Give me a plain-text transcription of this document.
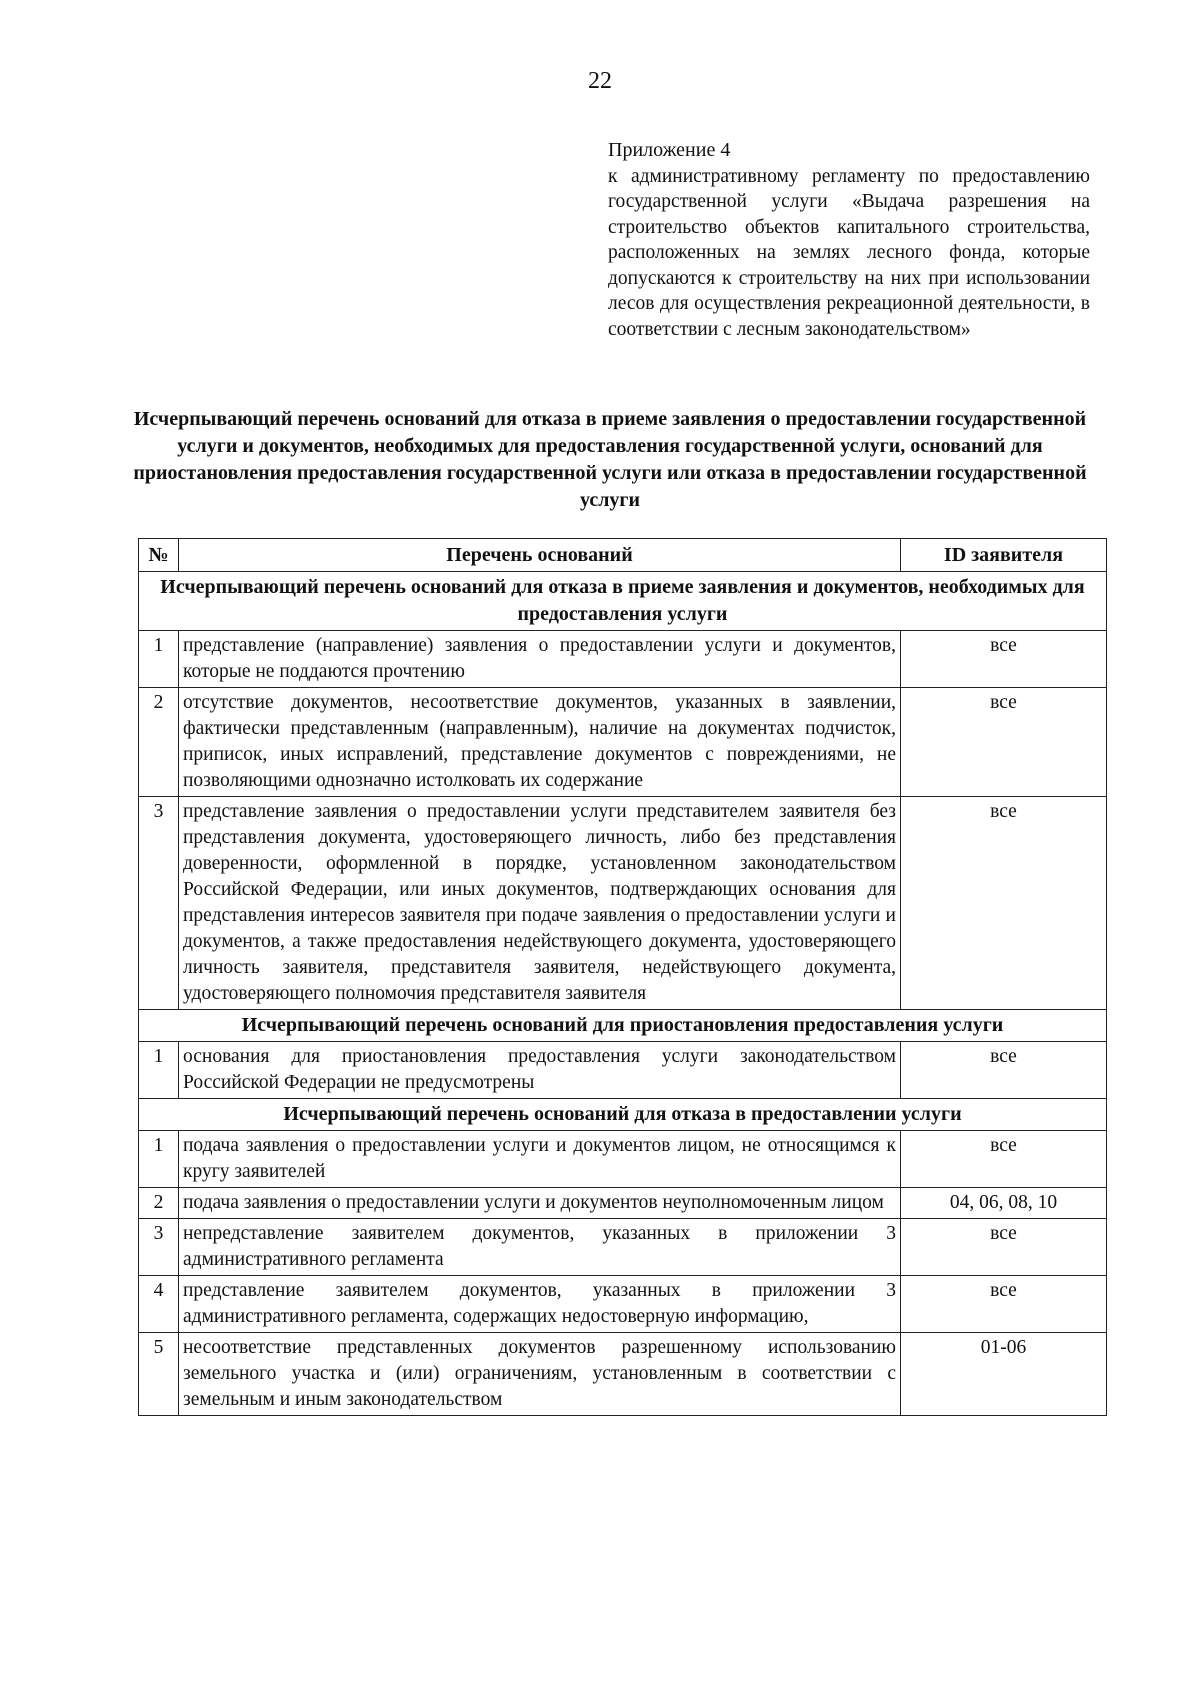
22
Приложение 4
к административному регламенту по предоставлению государственной услуги «Выдача разрешения на строительство объектов капитального строительства, расположенных на землях лесного фонда, которые допускаются к строительству на них при использовании лесов для осуществления рекреационной деятельности, в соответствии с лесным законодательством»
Исчерпывающий перечень оснований для отказа в приеме заявления о предоставлении государственной услуги и документов, необходимых для предоставления государственной услуги, оснований для приостановления предоставления государственной услуги или отказа в предоставлении государственной услуги
№	Перечень оснований	ID заявителя
Исчерпывающий перечень оснований для отказа в приеме заявления и документов, необходимых для предоставления услуги		
1	представление (направление) заявления о предоставлении услуги и документов, которые не поддаются прочтению	все
2	отсутствие документов, несоответствие документов, указанных в заявлении, фактически представленным (направленным), наличие на документах подчисток, приписок, иных исправлений, представление документов с повреждениями, не позволяющими однозначно истолковать их содержание	все
3	представление заявления о предоставлении услуги представителем заявителя без представления документа, удостоверяющего личность, либо без представления доверенности, оформленной в порядке, установленном законодательством Российской Федерации, или иных документов, подтверждающих основания для представления интересов заявителя при подаче заявления о предоставлении услуги и документов, а также предоставления недействующего документа, удостоверяющего личность заявителя, представителя заявителя, недействующего документа, удостоверяющего полномочия представителя заявителя	все
Исчерпывающий перечень оснований для приостановления предоставления услуги		
1	основания для приостановления предоставления услуги законодательством Российской Федерации не предусмотрены	все
Исчерпывающий перечень оснований для отказа в предоставлении услуги		
1	подача заявления о предоставлении услуги и документов лицом, не относящимся к кругу заявителей	все
2	подача заявления о предоставлении услуги и документов неуполномоченным лицом	04, 06, 08, 10
3	непредставление заявителем документов, указанных в приложении 3 административного регламента	все
4	представление заявителем документов, указанных в приложении 3 административного регламента, содержащих недостоверную информацию,	все
5	несоответствие представленных документов разрешенному использованию земельного участка и (или) ограничениям, установленным в соответствии с земельным и иным законодательством	01-06
